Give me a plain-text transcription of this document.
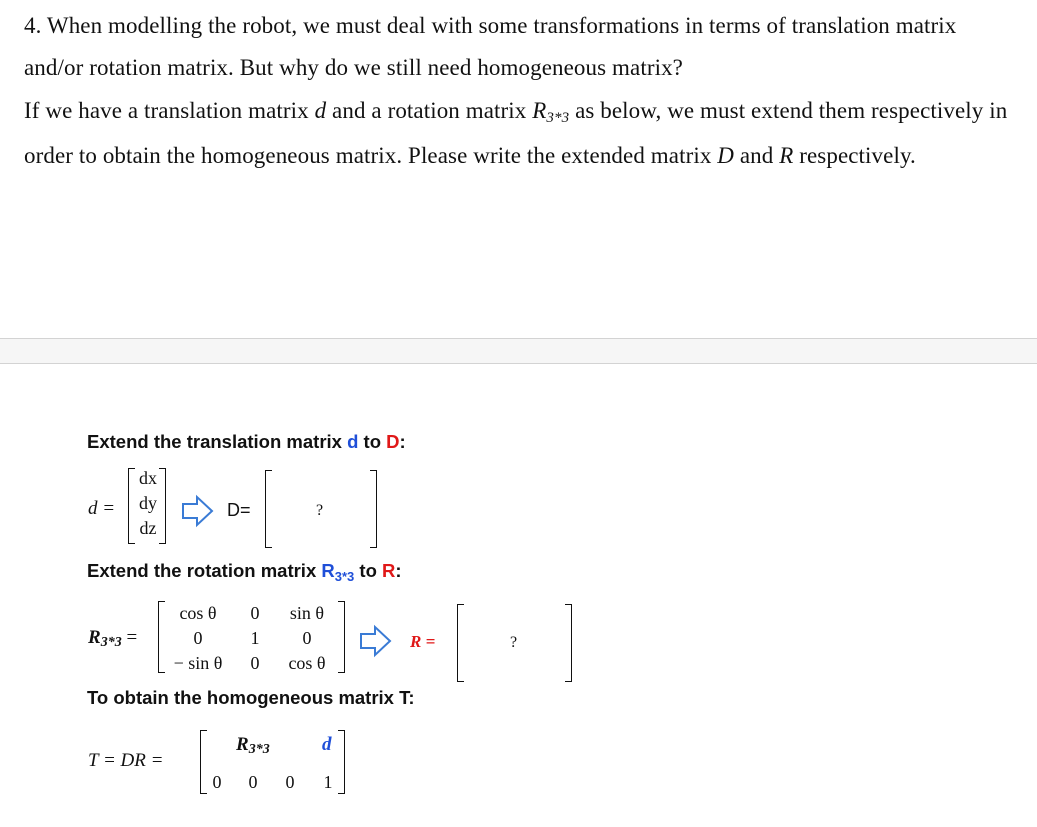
4. When modelling the robot, we must deal with some transformations in terms of translation matrix and/or rotation matrix. But why do we still need homogeneous matrix?

If we have a translation matrix d and a rotation matrix R3*3 as below, we must extend them respectively in order to obtain the homogeneous matrix. Please write the extended matrix D and R respectively.

Extend the translation matrix d to D:
d =
dx
dy
dz
D=	?
Extend the rotation matrix $R_{3*3}$ to R:
R3*3 =
cos θ	0	sin θ
0	1	0
− sin θ	0	cos θ
R =	?
To obtain the homogeneous matrix T:
T = DR =
R3*3	d
0	0	0	1
